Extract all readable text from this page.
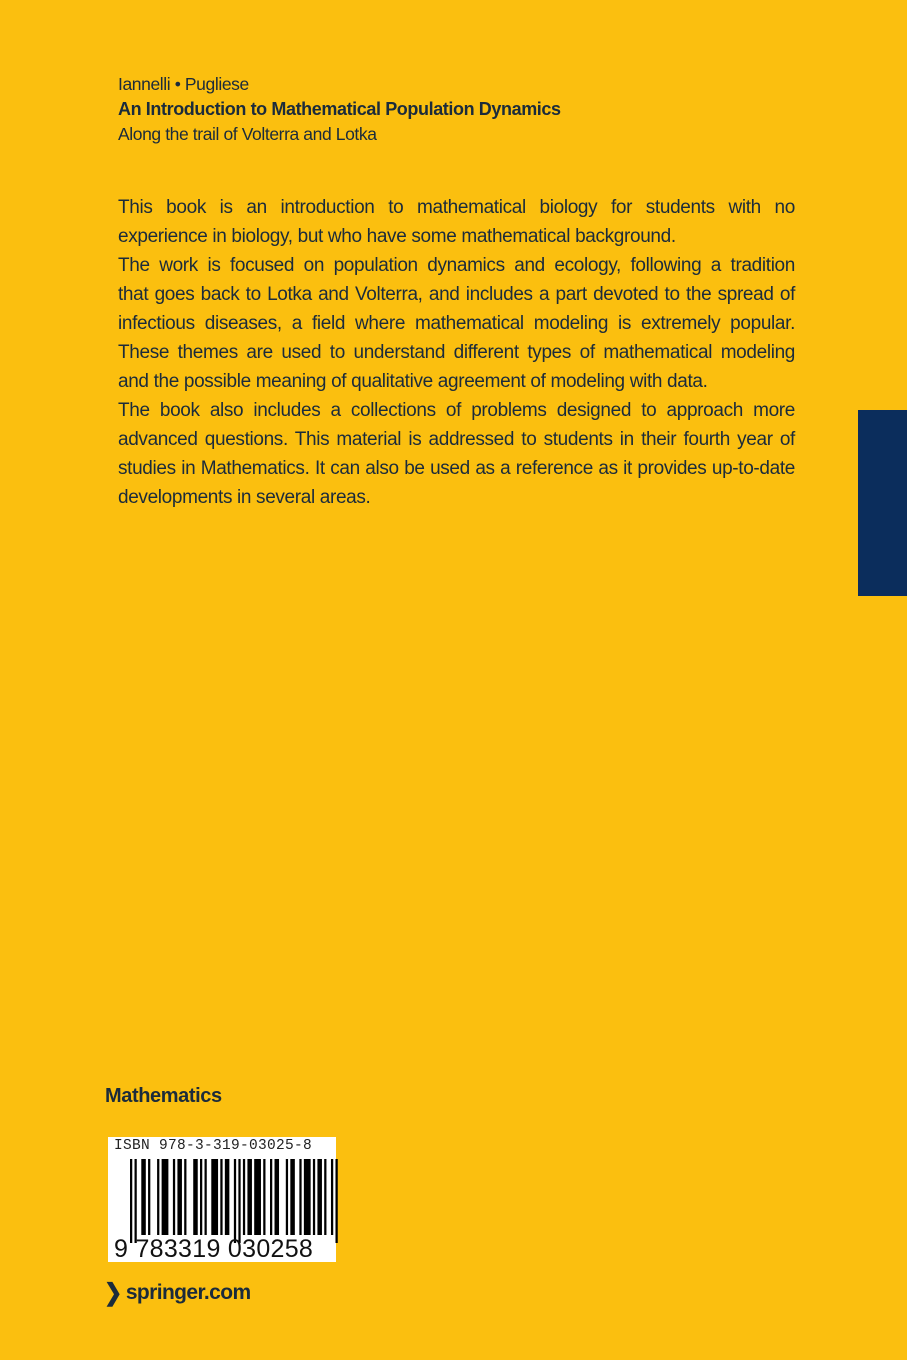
Iannelli • Pugliese
An Introduction to Mathematical Population Dynamics
Along the trail of Volterra and Lotka
This book is an introduction to mathematical biology for students with no
experience in biology, but who have some mathematical background.
The work is focused on population dynamics and ecology, following a tradition
that goes back to Lotka and Volterra, and includes a part devoted to the spread of
infectious diseases, a field where mathematical modeling is extremely popular.
These themes are used to understand different types of mathematical modeling
and the possible meaning of qualitative agreement of modeling with data.
The book also includes a collections of problems designed to approach more
advanced questions. This material is addressed to students in their fourth year of
studies in Mathematics. It can also be used as a reference as it provides up-to-date
developments in several areas.
Mathematics
ISBN 978-3-319-03025-8
9 783319 030258
❯ springer.com
